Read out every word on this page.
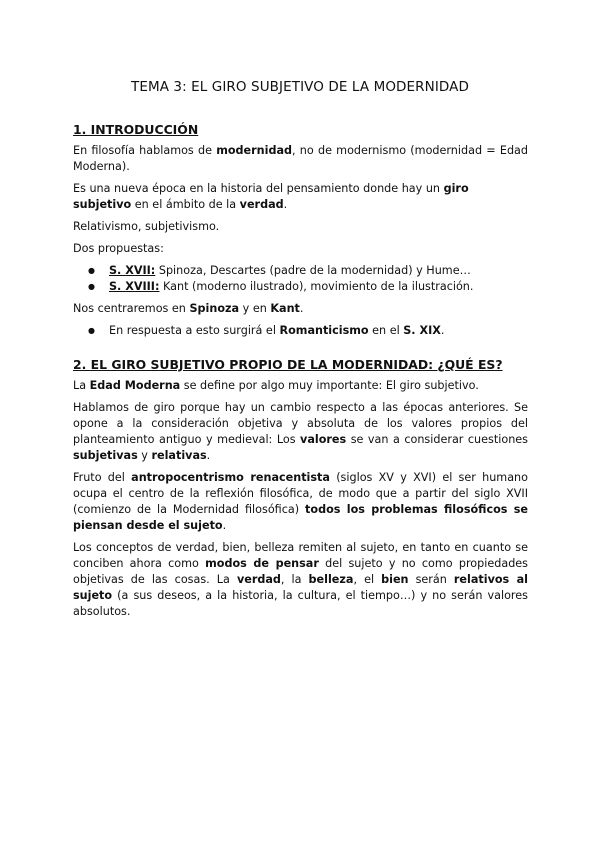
TEMA 3: EL GIRO SUBJETIVO DE LA MODERNIDAD
1. INTRODUCCIÓN

En filosofía hablamos de modernidad, no de modernismo (modernidad = Edad Moderna).

Es una nueva época en la historia del pensamiento donde hay un giro subjetivo en el ámbito de la verdad.

Relativismo, subjetivismo.

Dos propuestas:

● S. XVII: Spinoza, Descartes (padre de la modernidad) y Hume…
● S. XVIII: Kant (moderno ilustrado), movimiento de la ilustración.

Nos centraremos en Spinoza y en Kant.

● En respuesta a esto surgirá el Romanticismo en el S. XIX.
2. EL GIRO SUBJETIVO PROPIO DE LA MODERNIDAD: ¿QUÉ ES?

La Edad Moderna se define por algo muy importante: El giro subjetivo.

Hablamos de giro porque hay un cambio respecto a las épocas anteriores. Se opone a la consideración objetiva y absoluta de los valores propios del planteamiento antiguo y medieval: Los valores se van a considerar cuestiones subjetivas y relativas.

Fruto del antropocentrismo renacentista (siglos XV y XVI) el ser humano ocupa el centro de la reflexión filosófica, de modo que a partir del siglo XVII (comienzo de la Modernidad filosófica) todos los problemas filosóficos se piensan desde el sujeto.

Los conceptos de verdad, bien, belleza remiten al sujeto, en tanto en cuanto se conciben ahora como modos de pensar del sujeto y no como propiedades objetivas de las cosas. La verdad, la belleza, el bien serán relativos al sujeto (a sus deseos, a la historia, la cultura, el tiempo…) y no serán valores absolutos.
